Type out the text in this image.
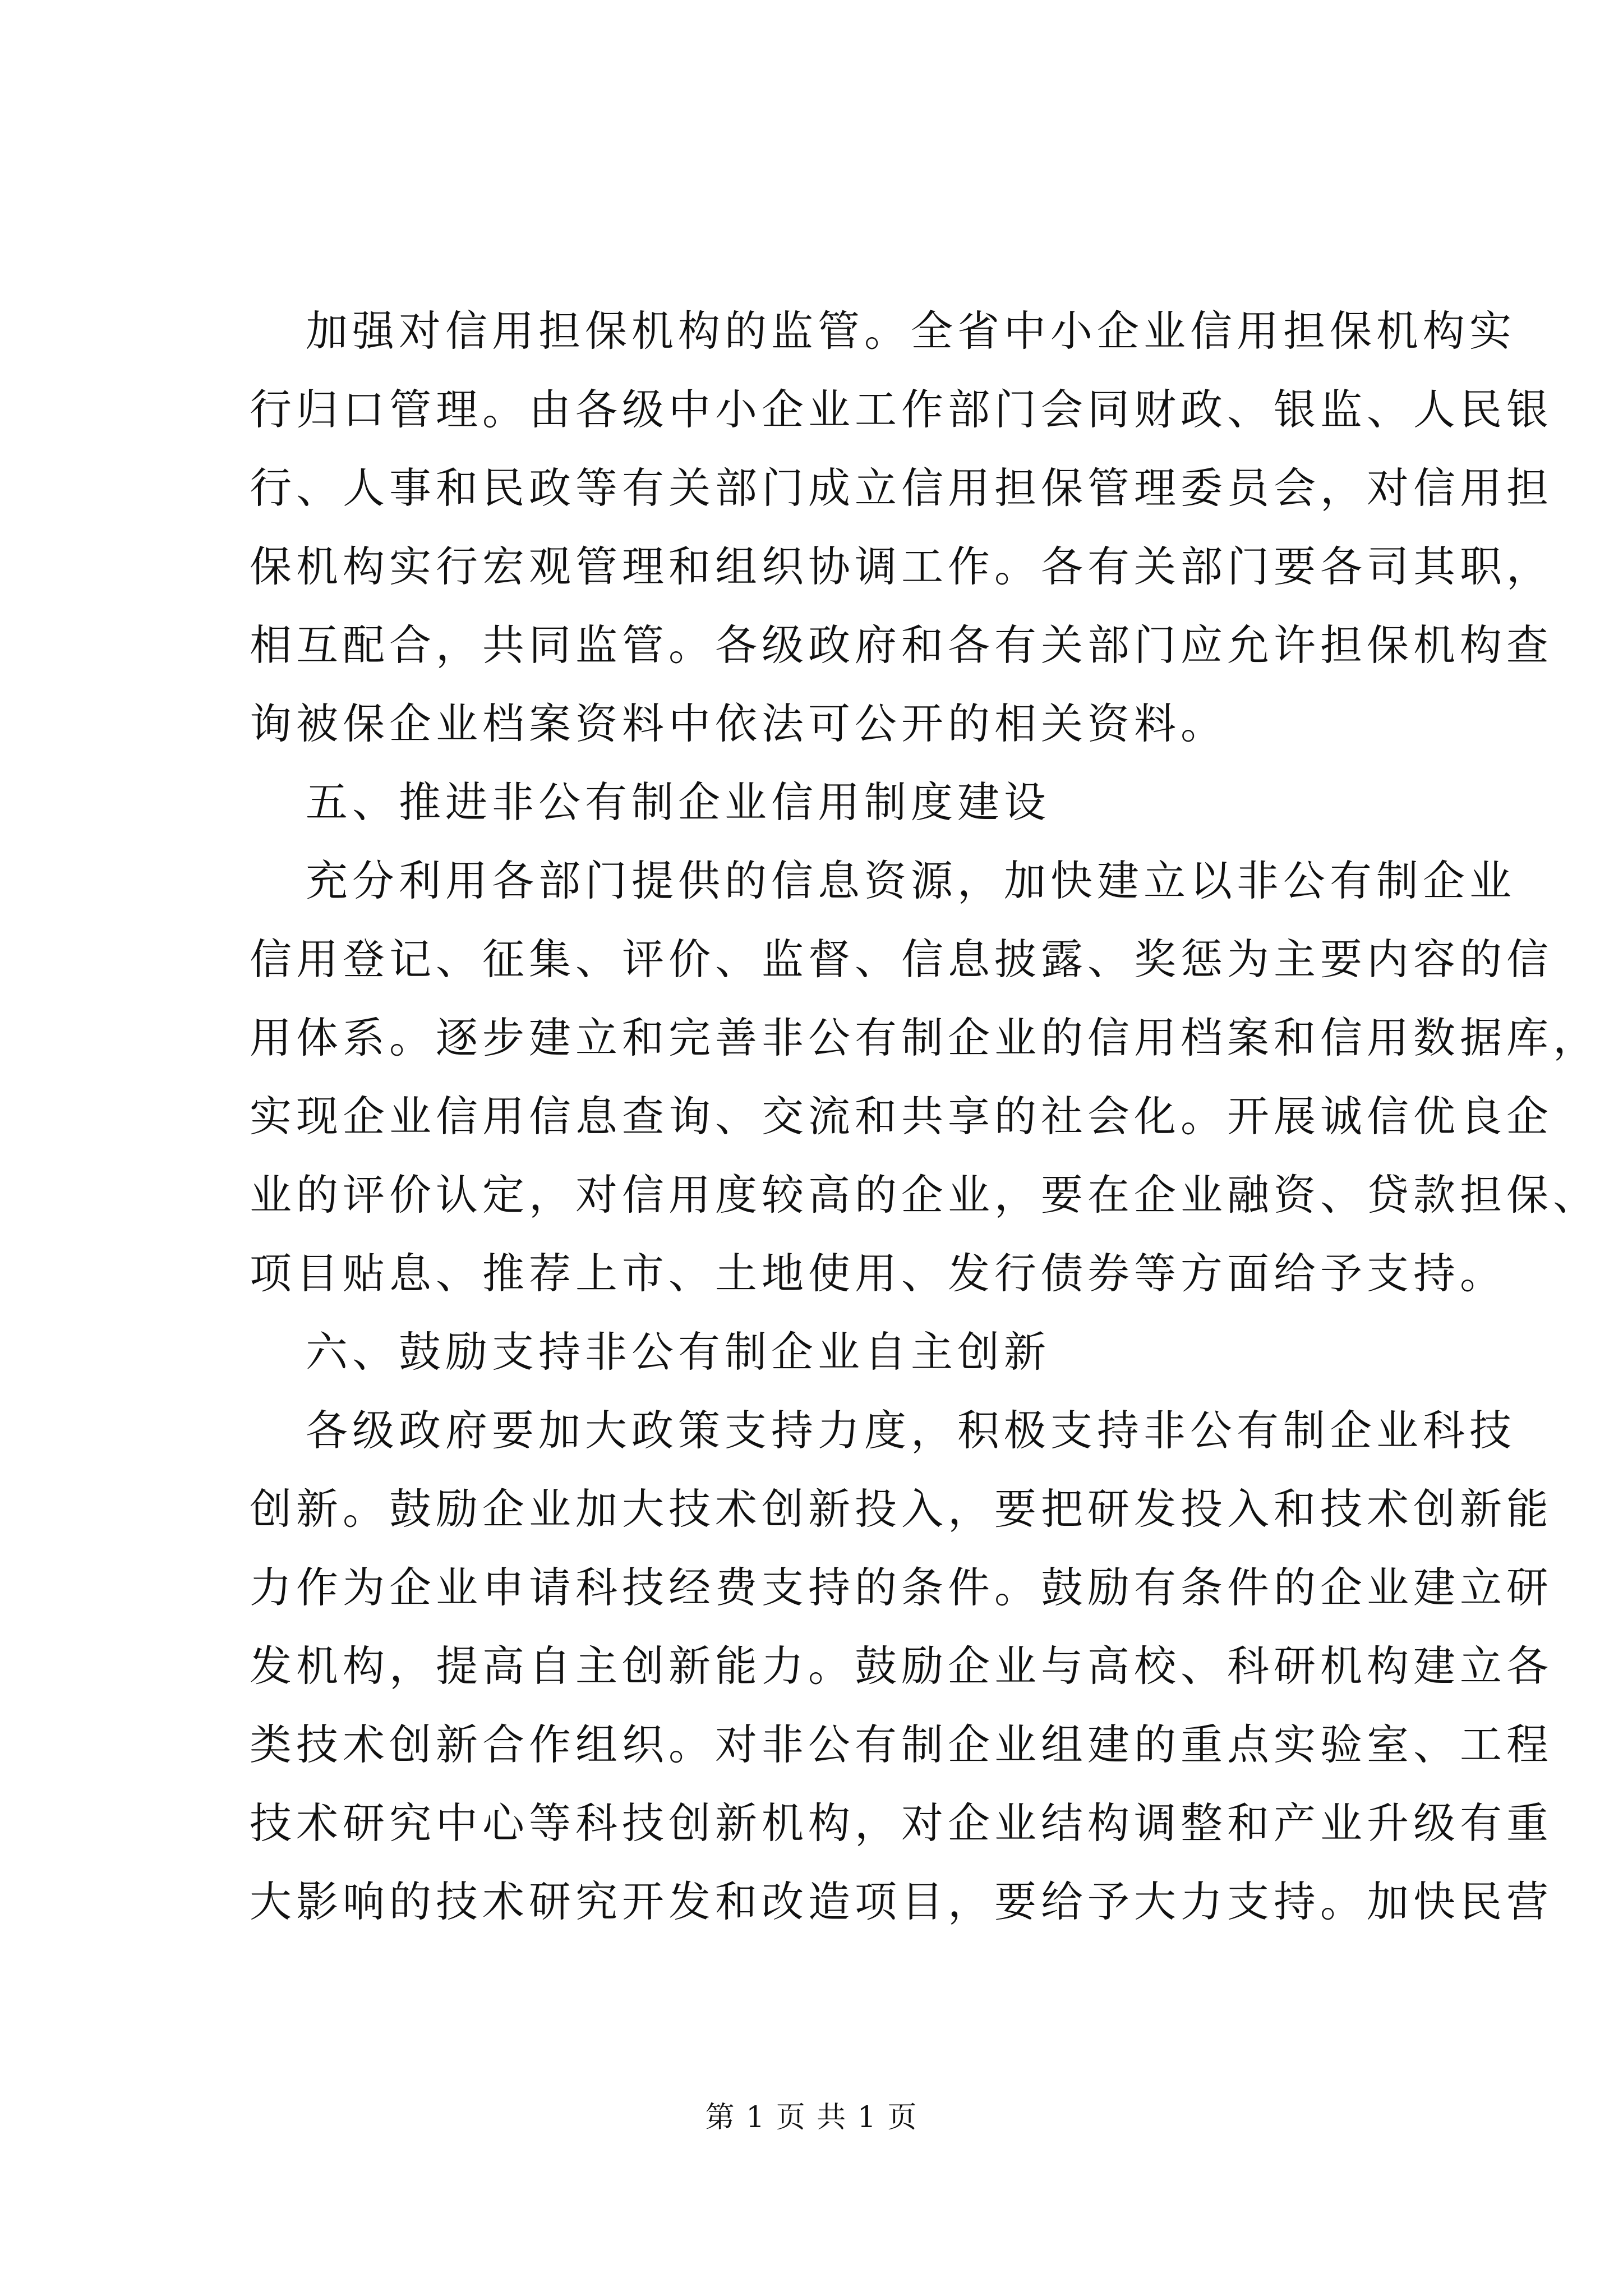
加强对信用担保机构的监管。全省中小企业信用担保机构实
行归口管理。由各级中小企业工作部门会同财政、银监、人民银
行、人事和民政等有关部门成立信用担保管理委员会，对信用担
保机构实行宏观管理和组织协调工作。各有关部门要各司其职，
相互配合，共同监管。各级政府和各有关部门应允许担保机构查
询被保企业档案资料中依法可公开的相关资料。
五、推进非公有制企业信用制度建设
充分利用各部门提供的信息资源，加快建立以非公有制企业
信用登记、征集、评价、监督、信息披露、奖惩为主要内容的信
用体系。逐步建立和完善非公有制企业的信用档案和信用数据库，
实现企业信用信息查询、交流和共享的社会化。开展诚信优良企
业的评价认定，对信用度较高的企业，要在企业融资、贷款担保、
项目贴息、推荐上市、土地使用、发行债券等方面给予支持。
六、鼓励支持非公有制企业自主创新
各级政府要加大政策支持力度，积极支持非公有制企业科技
创新。鼓励企业加大技术创新投入，要把研发投入和技术创新能
力作为企业申请科技经费支持的条件。鼓励有条件的企业建立研
发机构，提高自主创新能力。鼓励企业与高校、科研机构建立各
类技术创新合作组织。对非公有制企业组建的重点实验室、工程
技术研究中心等科技创新机构，对企业结构调整和产业升级有重
大影响的技术研究开发和改造项目，要给予大力支持。加快民营
第 1 页 共 1 页
